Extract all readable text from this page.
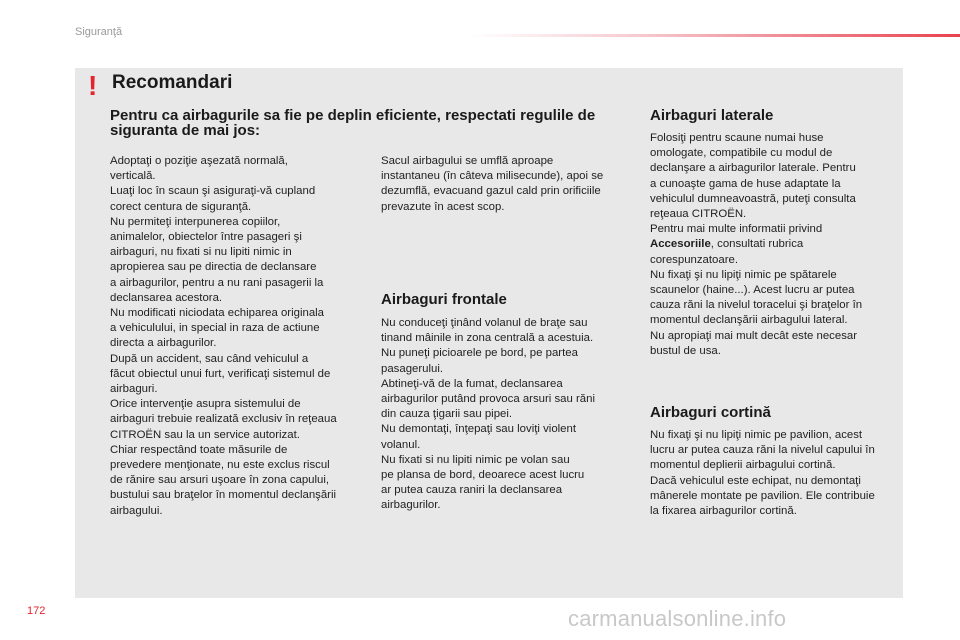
Siguranţă
! Recomandari
Pentru ca airbagurile sa fie pe deplin eficiente, respectati regulile de siguranta de mai jos:
Adoptaţi o poziţie aşezată normală,
verticală.
Luaţi loc în scaun şi asiguraţi-vă cupland
corect centura de siguranţă.
Nu permiteţi interpunerea copiilor,
animalelor, obiectelor între pasageri şi
airbaguri, nu fixati si nu lipiti nimic in
apropierea sau pe directia de declansare
a airbagurilor, pentru a nu rani pasagerii la
declansarea acestora.
Nu modificati niciodata echiparea originala
a vehiculului, in special in raza de actiune
directa a airbagurilor.
După un accident, sau când vehiculul a
făcut obiectul unui furt, verificaţi sistemul de
airbaguri.
Orice intervenţie asupra sistemului de
airbaguri trebuie realizată exclusiv în reţeaua
CITROËN sau la un service autorizat.
Chiar respectând toate măsurile de
prevedere menţionate, nu este exclus riscul
de rănire sau arsuri uşoare în zona capului,
bustului sau braţelor în momentul declanşării
airbagului.
Sacul airbagului se umflă aproape
instantaneu (în câteva milisecunde), apoi se
dezumflă, evacuand gazul cald prin orificiile
prevazute în acest scop.
Airbaguri frontale
Nu conduceţi ţinând volanul de braţe sau
tinand mâinile in zona centrală a acestuia.
Nu puneţi picioarele pe bord, pe partea
pasagerului.
Abtineţi-vă de la fumat, declansarea
airbagurilor putând provoca arsuri sau răni
din cauza ţigarii sau pipei.
Nu demontaţi, înţepaţi sau loviţi violent
volanul.
Nu fixati si nu lipiti nimic pe volan sau
pe plansa de bord, deoarece acest lucru
ar putea cauza raniri la declansarea
airbagurilor.
Airbaguri laterale
Folosiţi pentru scaune numai huse
omologate, compatibile cu modul de
declanşare a airbagurilor laterale. Pentru
a cunoaşte gama de huse adaptate la
vehiculul dumneavoastră, puteţi consulta
reţeaua CITROËN.
Pentru mai multe informatii privind
Accesoriile, consultati rubrica
corespunzatoare.
Nu fixaţi şi nu lipiţi nimic pe spătarele
scaunelor (haine...). Acest lucru ar putea
cauza răni la nivelul toracelui şi braţelor în
momentul declanşării airbagului lateral.
Nu apropiaţi mai mult decât este necesar
bustul de usa.
Airbaguri cortină
Nu fixaţi şi nu lipiţi nimic pe pavilion, acest
lucru ar putea cauza răni la nivelul capului în
momentul deplierii airbagului cortină.
Dacă vehiculul este echipat, nu demontaţi
mânerele montate pe pavilion. Ele contribuie
la fixarea airbagurilor cortină.
172	carmanualsonline.info
